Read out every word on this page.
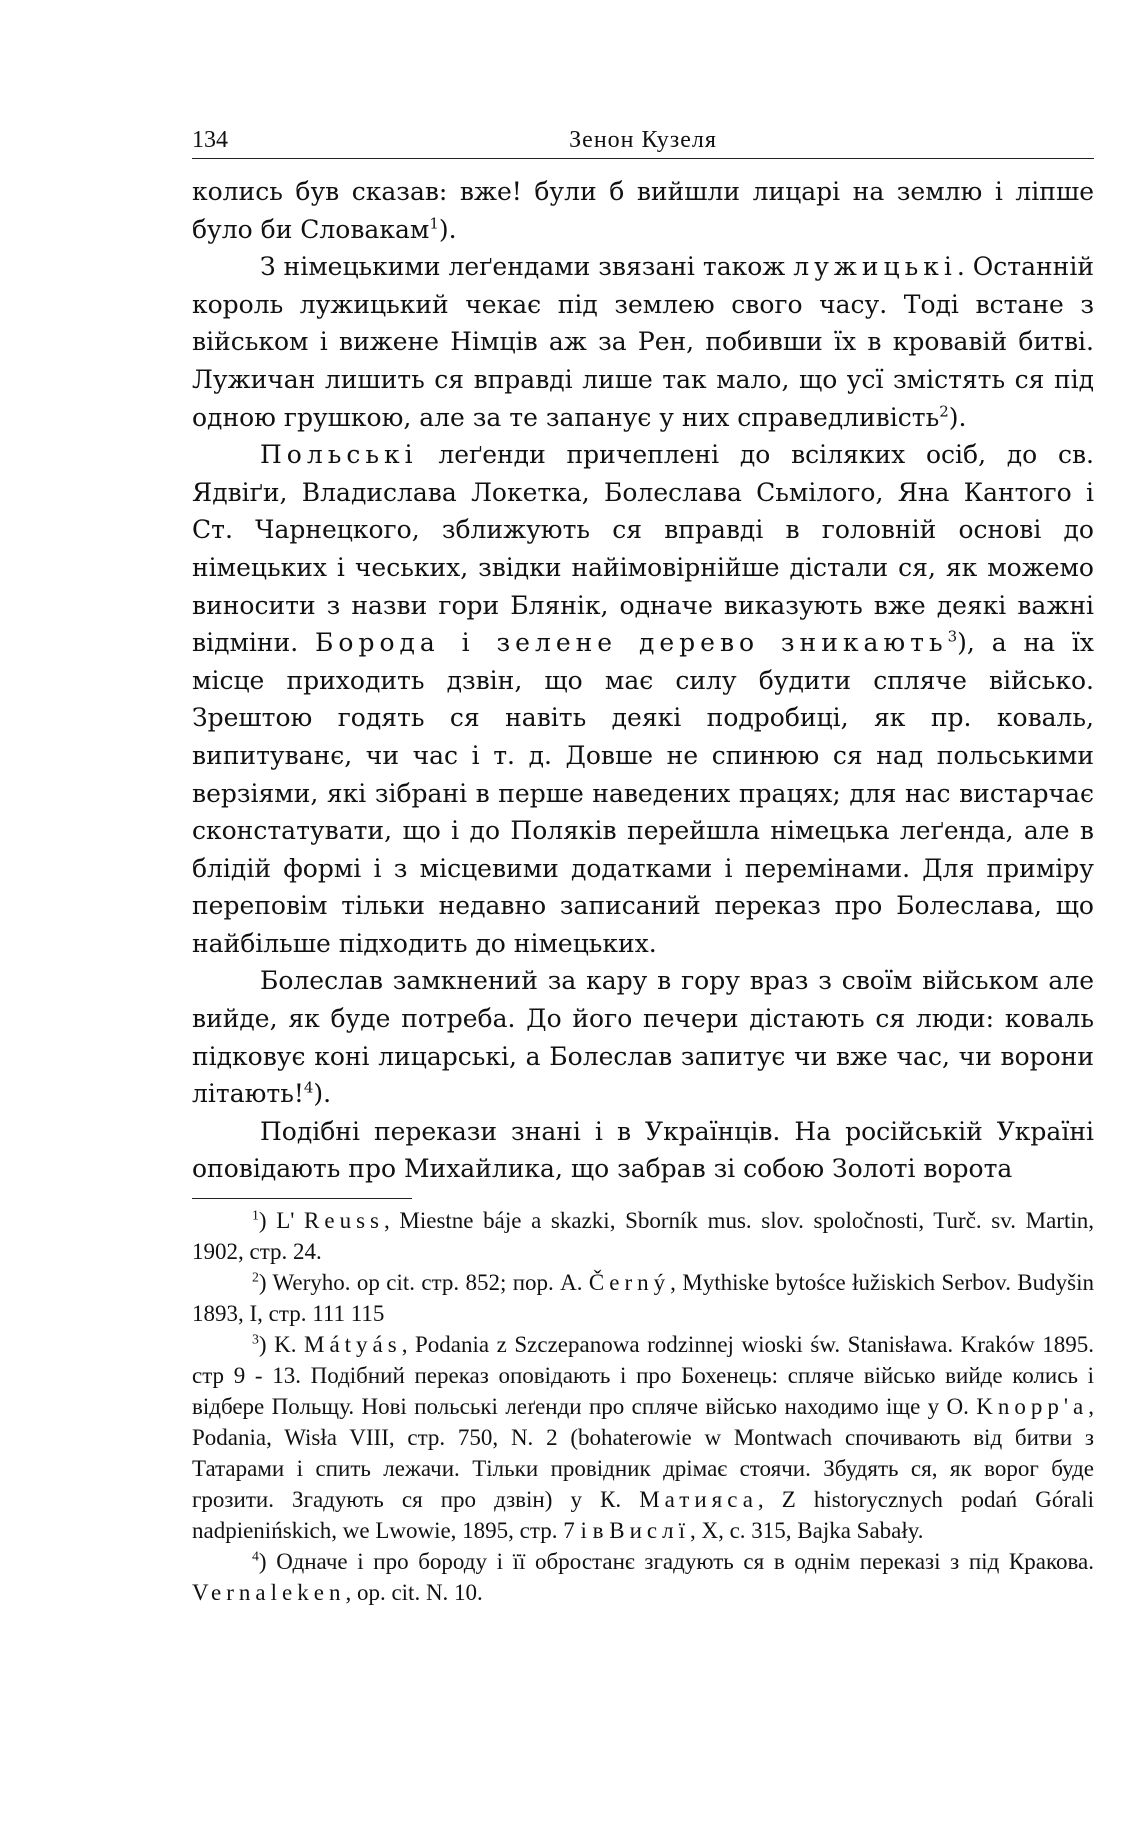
134	Зенон Кузеля

колись був сказав: вже! були б вийшли лицарі на землю і ліпше було би Словакам$^1$).

З німецькими леґендами звязані також лужицькі. Останній король лужицький чекає під землею свого часу. Тоді встане з військом і вижене Німців аж за Рен, побивши їх в кровавій битві. Лужичан лишить ся вправді лише так мало, що усї змістять ся під одною грушкою, але за те запанує у них справедливість$^2$).

Польські леґенди причеплені до всіляких осіб, до св. Ядвіґи, Владислава Локетка, Болеслава Сьмілого, Яна Кантого і Ст. Чарнецкого, зближують ся вправді в головній основі до німецьких і чеських, звідки найімовірнійше дістали ся, як можемо виносити з назви гори Блянік, одначе виказують вже деякі важні відміни. Борода і зелене дерево зникають$^3$), а на їх місце приходить дзвін, що має силу будити спляче військо. Зрештою годять ся навіть деякі подробиці, як пр. коваль, випитуванє, чи час і т. д. Довше не спинюю ся над польськими верзіями, які зібрані в перше наведених працях; для нас вистарчає сконстатувати, що і до Поляків перейшла німецька леґенда, але в блідій формі і з місцевими додатками і перемінами. Для приміру переповім тільки недавно записаний переказ про Болеслава, що найбільше підходить до німецьких.

Болеслав замкнений за кару в гору враз з своїм військом але вийде, як буде потреба. До його печери дістають ся люди: коваль підковує коні лицарські, а Болеслав запитує чи вже час, чи ворони літають!$^4$).

Подібні перекази знані і в Українців. На російській Україні оповідають про Михайлика, що забрав зі собою Золоті ворота

$^1$) L' Reuss, Miestne báje a skazki, Sborník mus. slov. spoločnosti, Turč. sv. Martin, 1902, стр. 24.

$^2$) Weryho. op cit. стр. 852; пор. A. Černý, Mythiske bytośce łužiskich Serbov. Budyšin 1893, I, стр. 111 115

$^3$) K. Mátyás, Podania z Szczepanowa rodzinnej wioski św. Stanisława. Kraków 1895. стр 9 - 13. Подібний переказ оповідають і про Бохенець: спляче військо вийде колись і відбере Польщу. Нові польські леґенди про спляче військо находимо іще у О. Knopp'a, Podania, Wisła VIII, стр. 750, N. 2 (bohaterowie w Montwach спочивають від битви з Татарами і спить лежачи. Тільки провідник дрімає стоячи. Збудять ся, як ворог буде грозити. Згадують ся про дзвін) у К. Матияса, Z historycznych podań Górali nadpienińskich, we Lwowie, 1895, стр. 7 і в Вислї, X, c. 315, Bajka Sabały.

$^4$) Одначе і про бороду і її обростанє згадують ся в однім переказі з під Кракова. Vernaleken, op. cit. N. 10.
